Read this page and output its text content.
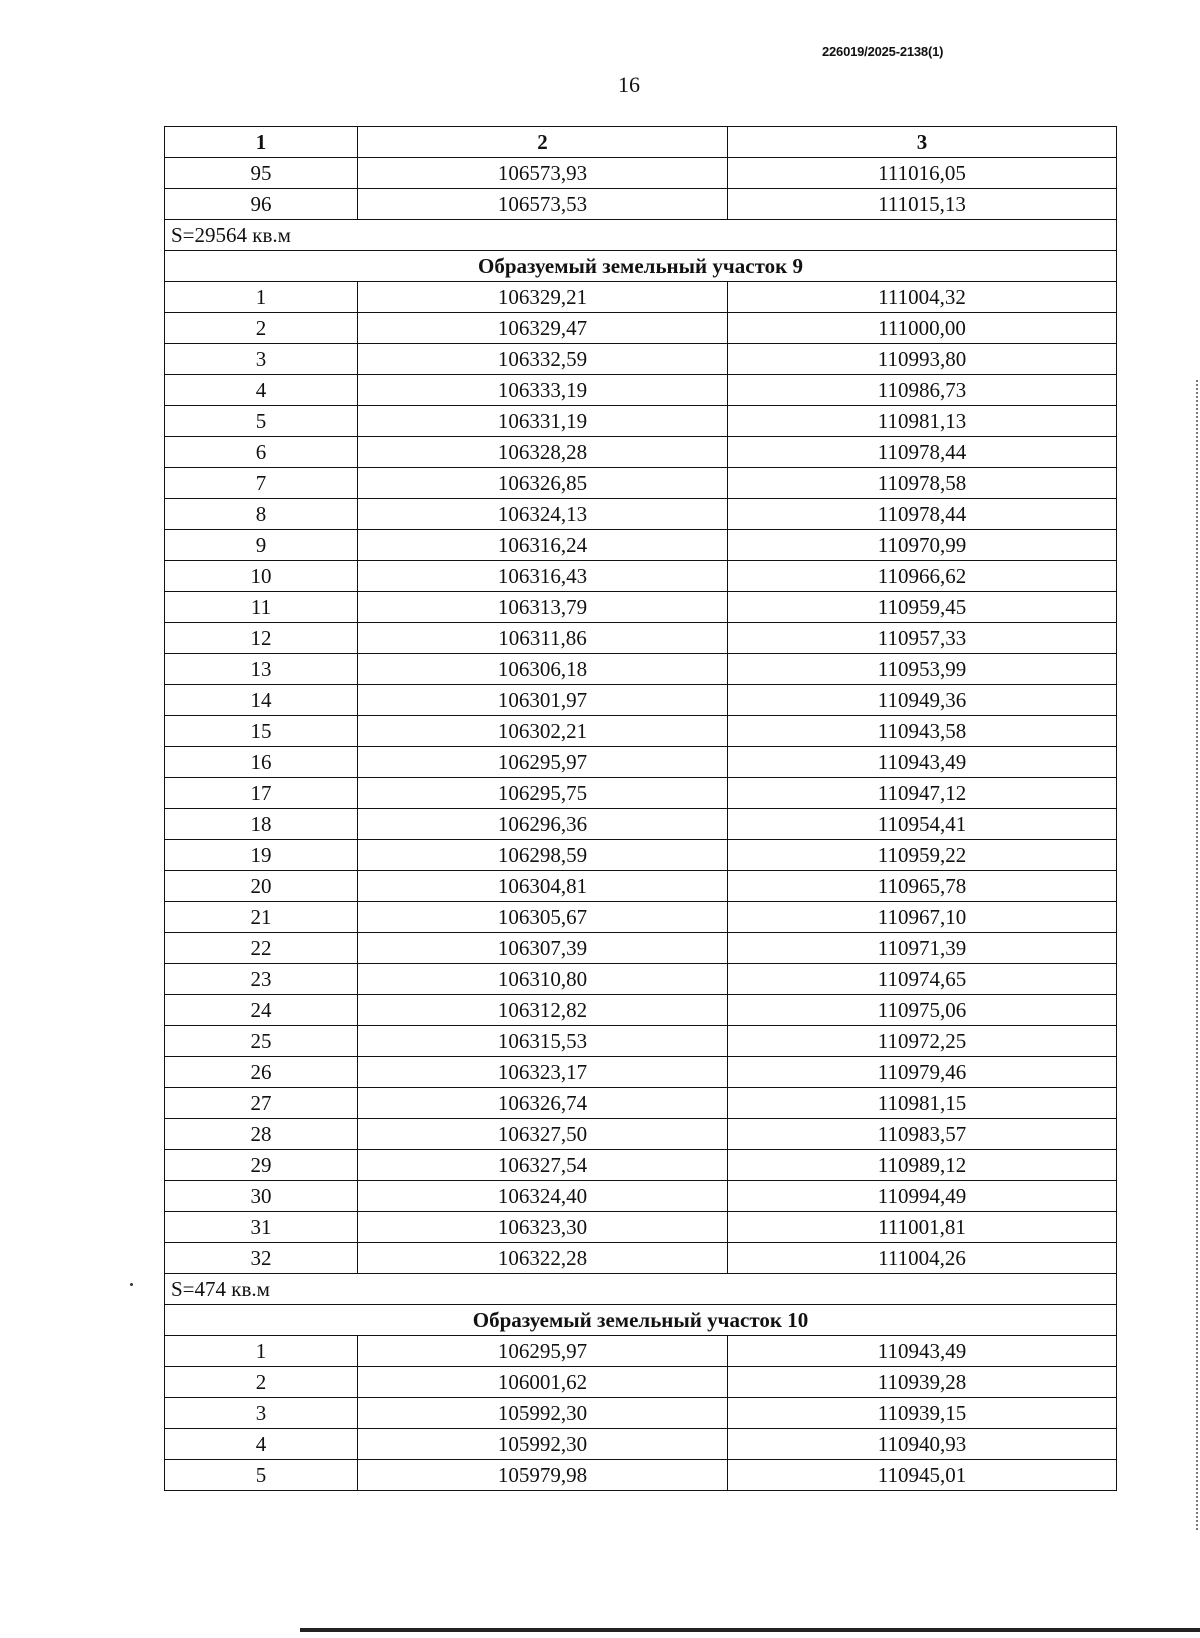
226019/2025-2138(1)
16
1	2	3
95	106573,93	111016,05
96	106573,53	111015,13
S=29564 кв.м		
Образуемый земельный участок 9		
1	106329,21	111004,32
2	106329,47	111000,00
3	106332,59	110993,80
4	106333,19	110986,73
5	106331,19	110981,13
6	106328,28	110978,44
7	106326,85	110978,58
8	106324,13	110978,44
9	106316,24	110970,99
10	106316,43	110966,62
11	106313,79	110959,45
12	106311,86	110957,33
13	106306,18	110953,99
14	106301,97	110949,36
15	106302,21	110943,58
16	106295,97	110943,49
17	106295,75	110947,12
18	106296,36	110954,41
19	106298,59	110959,22
20	106304,81	110965,78
21	106305,67	110967,10
22	106307,39	110971,39
23	106310,80	110974,65
24	106312,82	110975,06
25	106315,53	110972,25
26	106323,17	110979,46
27	106326,74	110981,15
28	106327,50	110983,57
29	106327,54	110989,12
30	106324,40	110994,49
31	106323,30	111001,81
32	106322,28	111004,26
S=474 кв.м		
Образуемый земельный участок 10		
1	106295,97	110943,49
2	106001,62	110939,28
3	105992,30	110939,15
4	105992,30	110940,93
5	105979,98	110945,01
